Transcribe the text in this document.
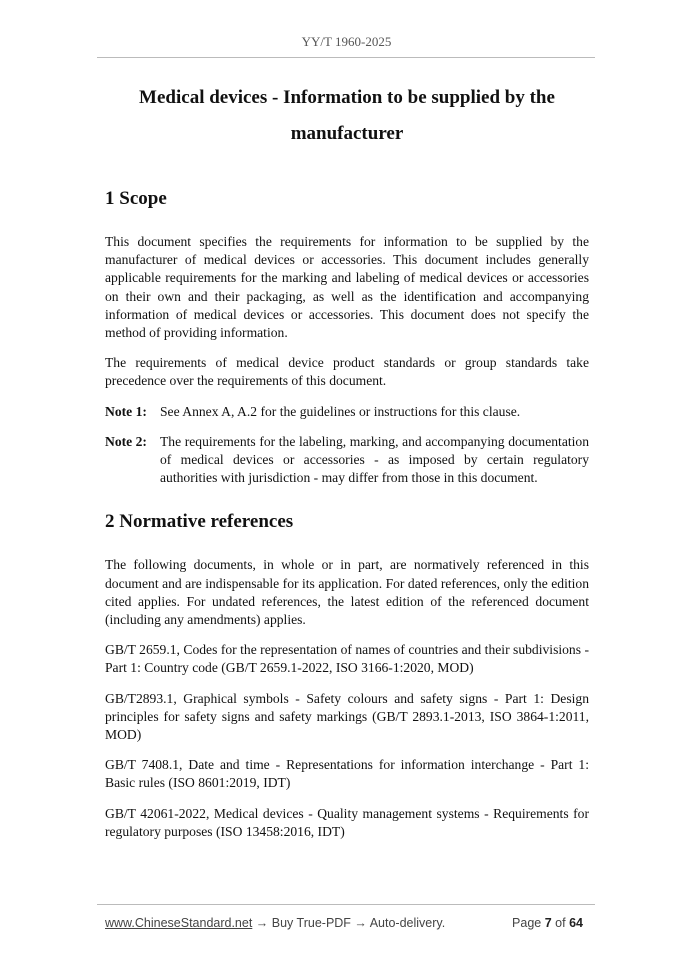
YY/T 1960-2025
Medical devices - Information to be supplied by the
manufacturer
1 Scope

This document specifies the requirements for information to be supplied by the manufacturer of medical devices or accessories. This document includes generally applicable requirements for the marking and labeling of medical devices or accessories on their own and their packaging, as well as the identification and accompanying information of medical devices or accessories. This document does not specify the method of providing information.

The requirements of medical device product standards or group standards take precedence over the requirements of this document.

Note 1: See Annex A, A.2 for the guidelines or instructions for this clause.
Note 2: The requirements for the labeling, marking, and accompanying documentation of medical devices or accessories - as imposed by certain regulatory authorities with jurisdiction - may differ from those in this document.
2 Normative references

The following documents, in whole or in part, are normatively referenced in this document and are indispensable for its application. For dated references, only the edition cited applies. For undated references, the latest edition of the referenced document (including any amendments) applies.

GB/T 2659.1, Codes for the representation of names of countries and their subdivisions - Part 1: Country code (GB/T 2659.1-2022, ISO 3166-1:2020, MOD)

GB/T2893.1, Graphical symbols - Safety colours and safety signs - Part 1: Design principles for safety signs and safety markings (GB/T 2893.1-2013, ISO 3864-1:2011, MOD)

GB/T 7408.1, Date and time - Representations for information interchange - Part 1: Basic rules (ISO 8601:2019, IDT)

GB/T 42061-2022, Medical devices - Quality management systems - Requirements for regulatory purposes (ISO 13458:2016, IDT)

www.ChineseStandard.net → Buy True-PDF → Auto-delivery.	Page 7 of 64
